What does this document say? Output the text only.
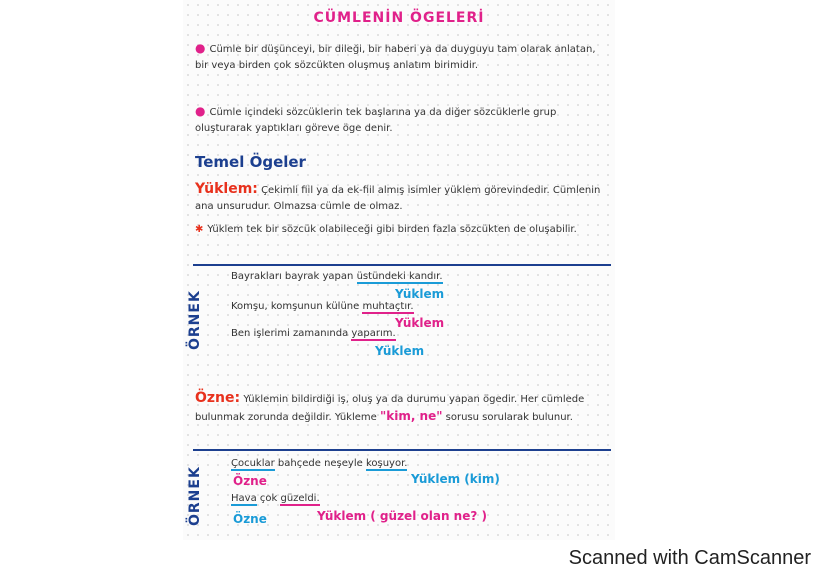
CÜMLENİN ÖGELERİ
● Cümle bir düşünceyi, bir dileği, bir haberi ya da duyguyu tam olarak anlatan, bir veya birden çok sözcükten oluşmuş anlatım birimidir.
● Cümle içindeki sözcüklerin tek başlarına ya da diğer sözcüklerle grup oluşturarak yaptıkları göreve öge denir.
Temel Ögeler
Yüklem: Çekimli fiil ya da ek-fiil almış isimler yüklem görevindedir. Cümlenin ana unsurudur. Olmazsa cümle de olmaz.
✱ Yüklem tek bir sözcük olabileceği gibi birden fazla sözcükten de oluşabilir.
ÖRNEK
Bayrakları bayrak yapan üstündeki kandır.
Yüklem
Komşu, komşunun külüne muhtaçtır.
Yüklem
Ben işlerimi zamanında yaparım.
Yüklem
Özne: Yüklemin bildirdiği iş, oluş ya da durumu yapan ögedir. Her cümlede bulunmak zorunda değildir. Yükleme "kim, ne" sorusu sorularak bulunur.
ÖRNEK
Çocuklar bahçede neşeyle koşuyor.
Özne	Yüklem (kim)
Hava çok güzeldi.
Özne	Yüklem ( güzel olan ne? )
Scanned with CamScanner
